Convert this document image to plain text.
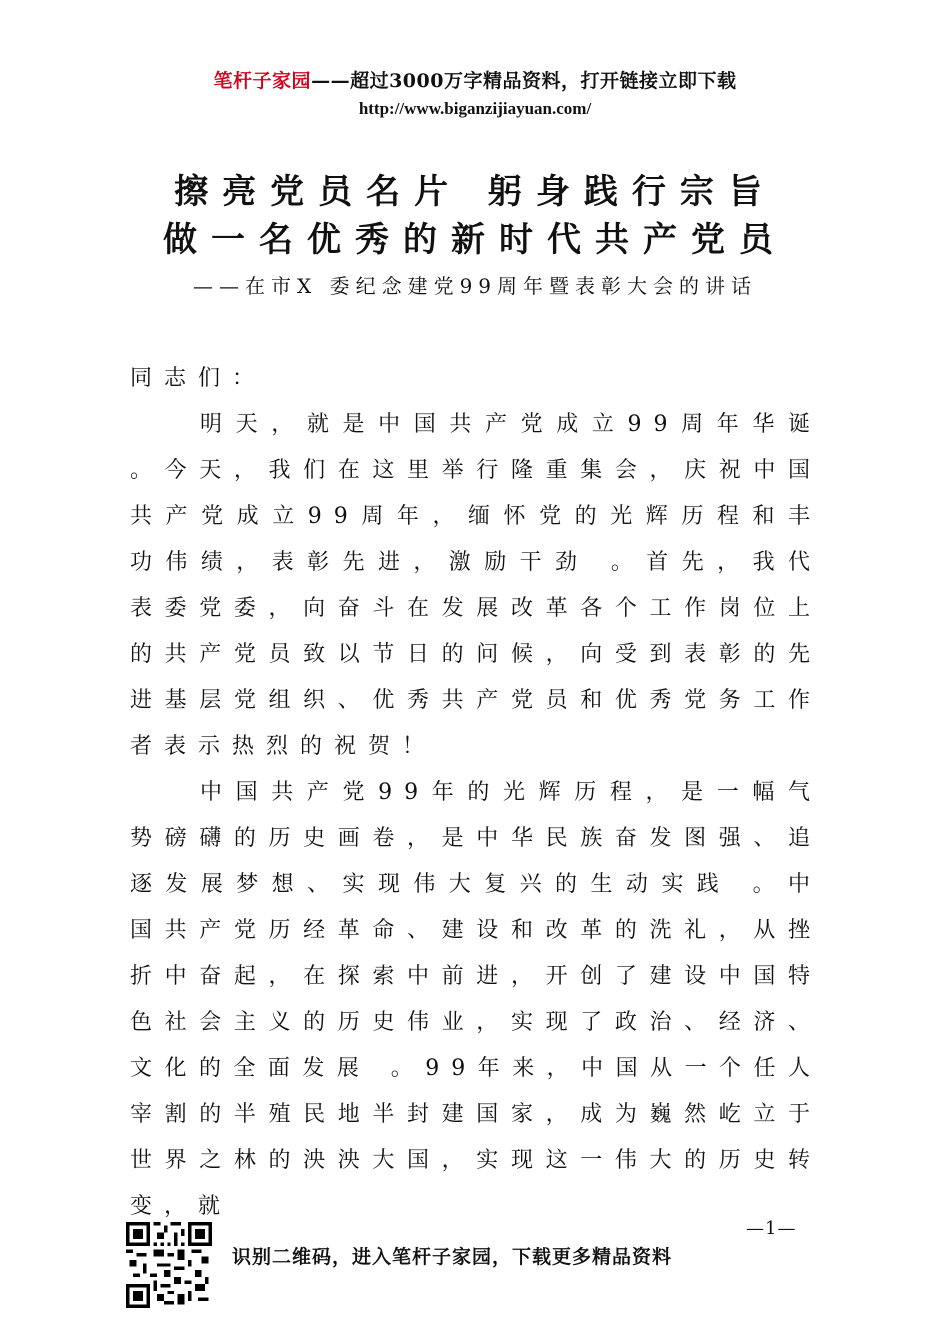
笔杆子家园——超过3000万字精品资料，打开链接立即下载
http://www.biganzijiayuan.com/
擦亮党员名片 躬身践行宗旨
做一名优秀的新时代共产党员
——在市X 委纪念建党99周年暨表彰大会的讲话

同志们：

明天，就是中国共产党成立99周年华诞 。今天，我们在这里举行隆重集会，庆祝中国共产党成立99周年，缅怀党的光辉历程和丰功伟绩，表彰先进，激励干劲 。首先，我代表委党委，向奋斗在发展改革各个工作岗位上的共产党员致以节日的问候，向受到表彰的先进基层党组织、优秀共产党员和优秀党务工作者表示热烈的祝贺！

中国共产党99年的光辉历程，是一幅气势磅礴的历史画卷，是中华民族奋发图强、追逐发展梦想、实现伟大复兴的生动实践 。中国共产党历经革命、建设和改革的洗礼，从挫折中奋起，在探索中前进，开创了建设中国特色社会主义的历史伟业，实现了政治、经济、文化的全面发展 。99年来，中国从一个任人宰割的半殖民地半封建国家，成为巍然屹立于世界之林的泱泱大国，实现这一伟大的历史转变，就

—1—
识别二维码，进入笔杆子家园，下载更多精品资料
